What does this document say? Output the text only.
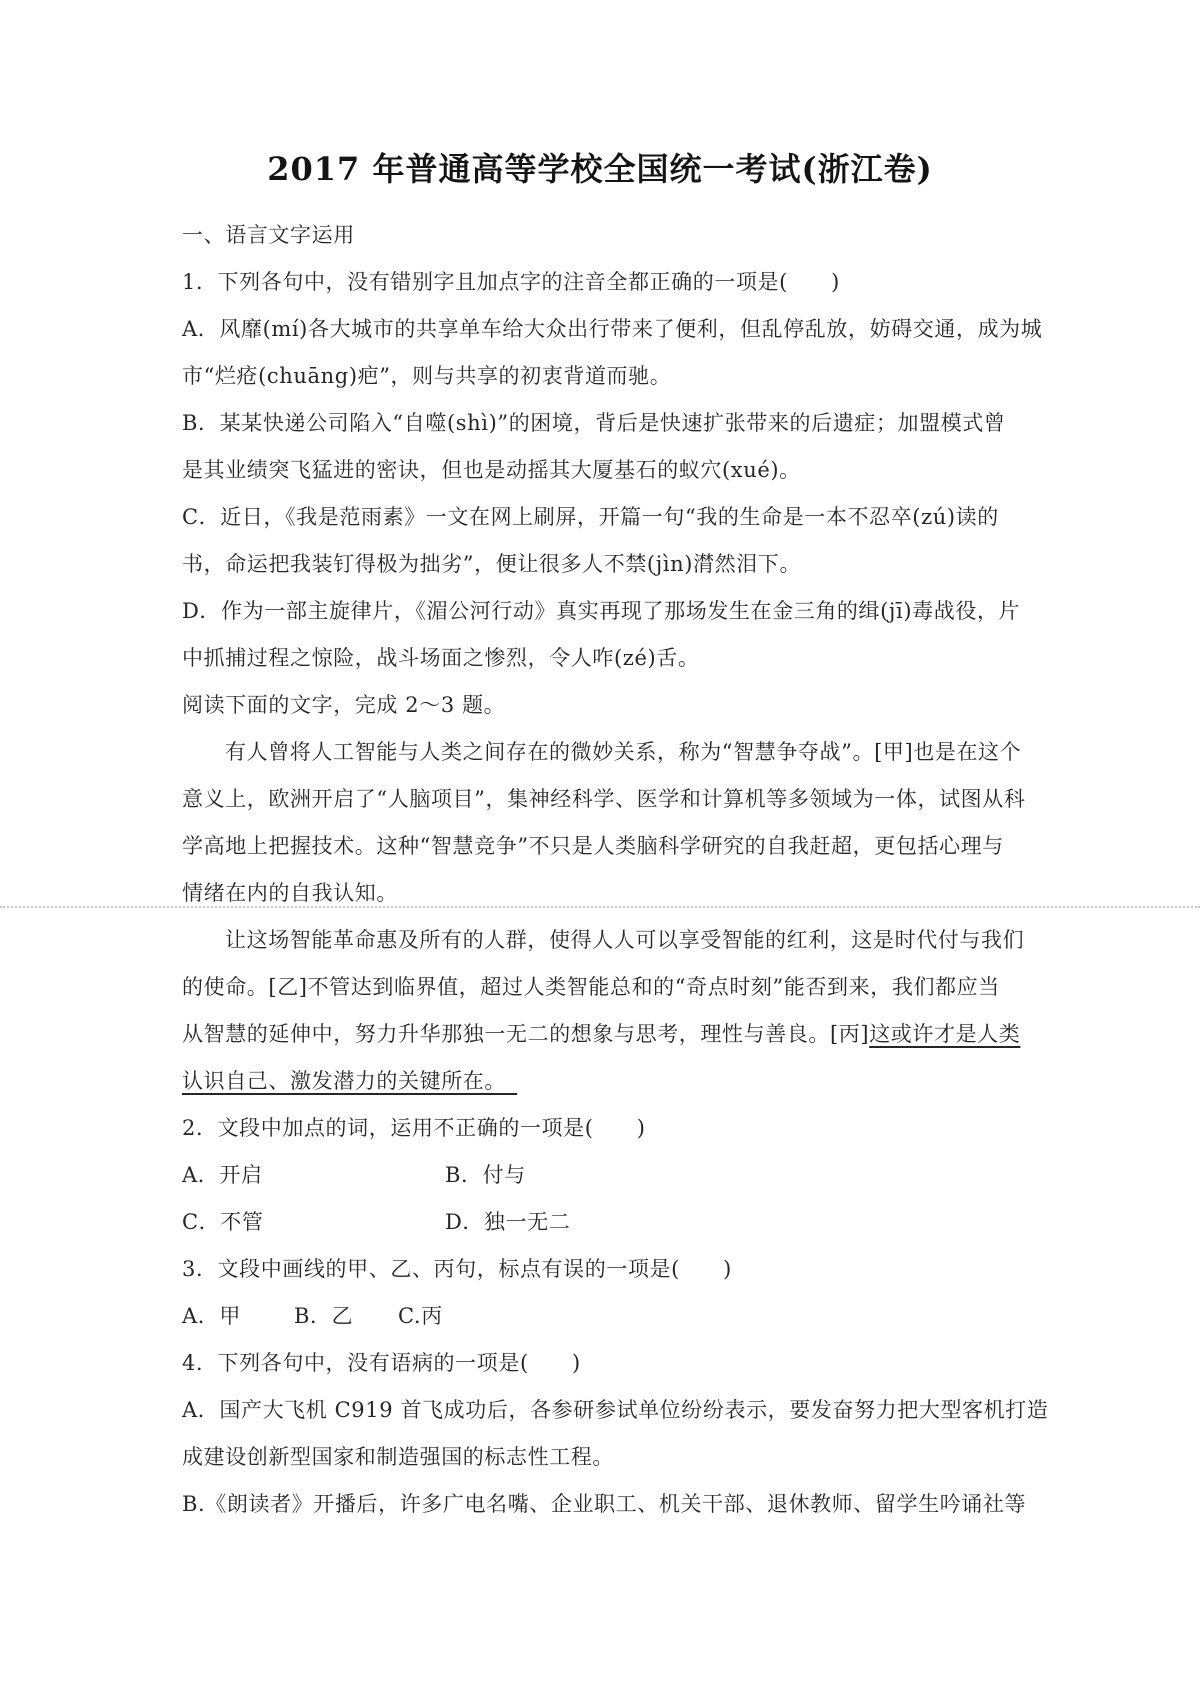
2017 年普通高等学校全国统一考试(浙江卷)
一、语言文字运用
1．下列各句中，没有错别字且加点字的注音全都正确的一项是(　　)
A．风靡(mí)各大城市的共享单车给大众出行带来了便利，但乱停乱放，妨碍交通，成为城
市“烂疮(chuāng)疤”，则与共享的初衷背道而驰。
B．某某快递公司陷入“自噬(shì)”的困境，背后是快速扩张带来的后遗症；加盟模式曾
是其业绩突飞猛进的密诀，但也是动摇其大厦基石的蚁穴(xué)。
C．近日，《我是范雨素》一文在网上刷屏，开篇一句“我的生命是一本不忍卒(zú)读的
书，命运把我装钉得极为拙劣”，便让很多人不禁(jìn)潸然泪下。
D．作为一部主旋律片，《湄公河行动》真实再现了那场发生在金三角的缉(jī)毒战役，片
中抓捕过程之惊险，战斗场面之惨烈，令人咋(zé)舌。
阅读下面的文字，完成 2～3 题。
有人曾将人工智能与人类之间存在的微妙关系，称为“智慧争夺战”。[甲]也是在这个
意义上，欧洲开启了“人脑项目”，集神经科学、医学和计算机等多领域为一体，试图从科
学高地上把握技术。这种“智慧竞争”不只是人类脑科学研究的自我赶超，更包括心理与
情绪在内的自我认知。
让这场智能革命惠及所有的人群，使得人人可以享受智能的红利，这是时代付与我们
的使命。[乙]不管达到临界值，超过人类智能总和的“奇点时刻”能否到来，我们都应当
从智慧的延伸中，努力升华那独一无二的想象与思考，理性与善良。[丙]这或许才是人类
认识自己、激发潜力的关键所在。
2．文段中加点的词，运用不正确的一项是(　　)
A．开启	B．付与
C．不管	D．独一无二
3．文段中画线的甲、乙、丙句，标点有误的一项是(　　)
A．甲	B．乙 C.丙
4．下列各句中，没有语病的一项是(　　)
A．国产大飞机 C919 首飞成功后，各参研参试单位纷纷表示，要发奋努力把大型客机打造
成建设创新型国家和制造强国的标志性工程。
B.《朗读者》开播后，许多广电名嘴、企业职工、机关干部、退休教师、留学生吟诵社等
